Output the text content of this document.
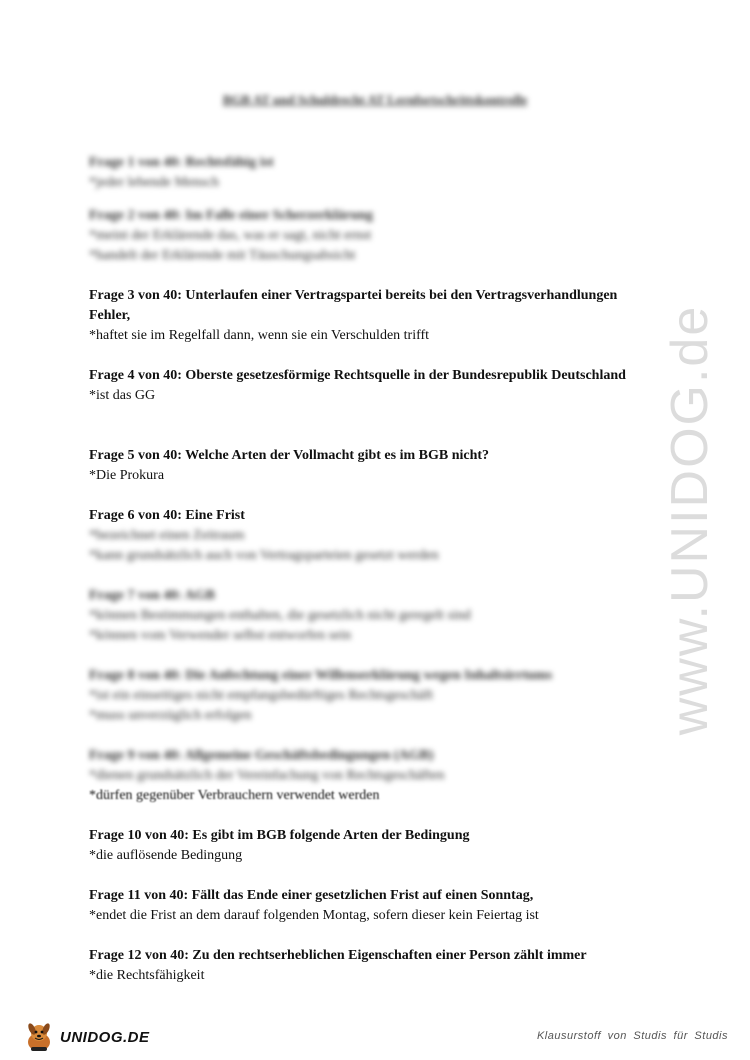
www.UNIDOG.de
BGB AT und Schuldrecht AT Lernfortschrittskontrolle
Frage 1 von 40: Rechtsfähig ist
*jeder lebende Mensch
Frage 2 von 40: Im Falle einer Scherzerklärung
*meint der Erklärende das, was er sagt, nicht ernst
*handelt der Erklärende mit Täuschungsabsicht
Frage 3 von 40: Unterlaufen einer Vertragspartei bereits bei den Vertragsverhandlungen Fehler,
*haftet sie im Regelfall dann, wenn sie ein Verschulden trifft
Frage 4 von 40: Oberste gesetzesförmige Rechtsquelle in der Bundesrepublik Deutschland
*ist das GG
Frage 5 von 40: Welche Arten der Vollmacht gibt es im BGB nicht?
*Die Prokura
Frage 6 von 40: Eine Frist
*bezeichnet einen Zeitraum
*kann grundsätzlich auch von Vertragsparteien gesetzt werden
Frage 7 von 40: AGB
*können Bestimmungen enthalten, die gesetzlich nicht geregelt sind
*können vom Verwender selbst entworfen sein
Frage 8 von 40: Die Anfechtung einer Willenserklärung wegen Inhaltsirrtums
*ist ein einseitiges nicht empfangsbedürftiges Rechtsgeschäft
*muss unverzüglich erfolgen
Frage 9 von 40: Allgemeine Geschäftsbedingungen (AGB)
*dienen grundsätzlich der Vereinfachung von Rechtsgeschäften
*dürfen gegenüber Verbrauchern verwendet werden
Frage 10 von 40: Es gibt im BGB folgende Arten der Bedingung
*die auflösende Bedingung
Frage 11 von 40: Fällt das Ende einer gesetzlichen Frist auf einen Sonntag,
*endet die Frist an dem darauf folgenden Montag, sofern dieser kein Feiertag ist
Frage 12 von 40: Zu den rechtserheblichen Eigenschaften einer Person zählt immer
*die Rechtsfähigkeit
UNIDOG.DE	Klausurstoff von Studis für Studis
